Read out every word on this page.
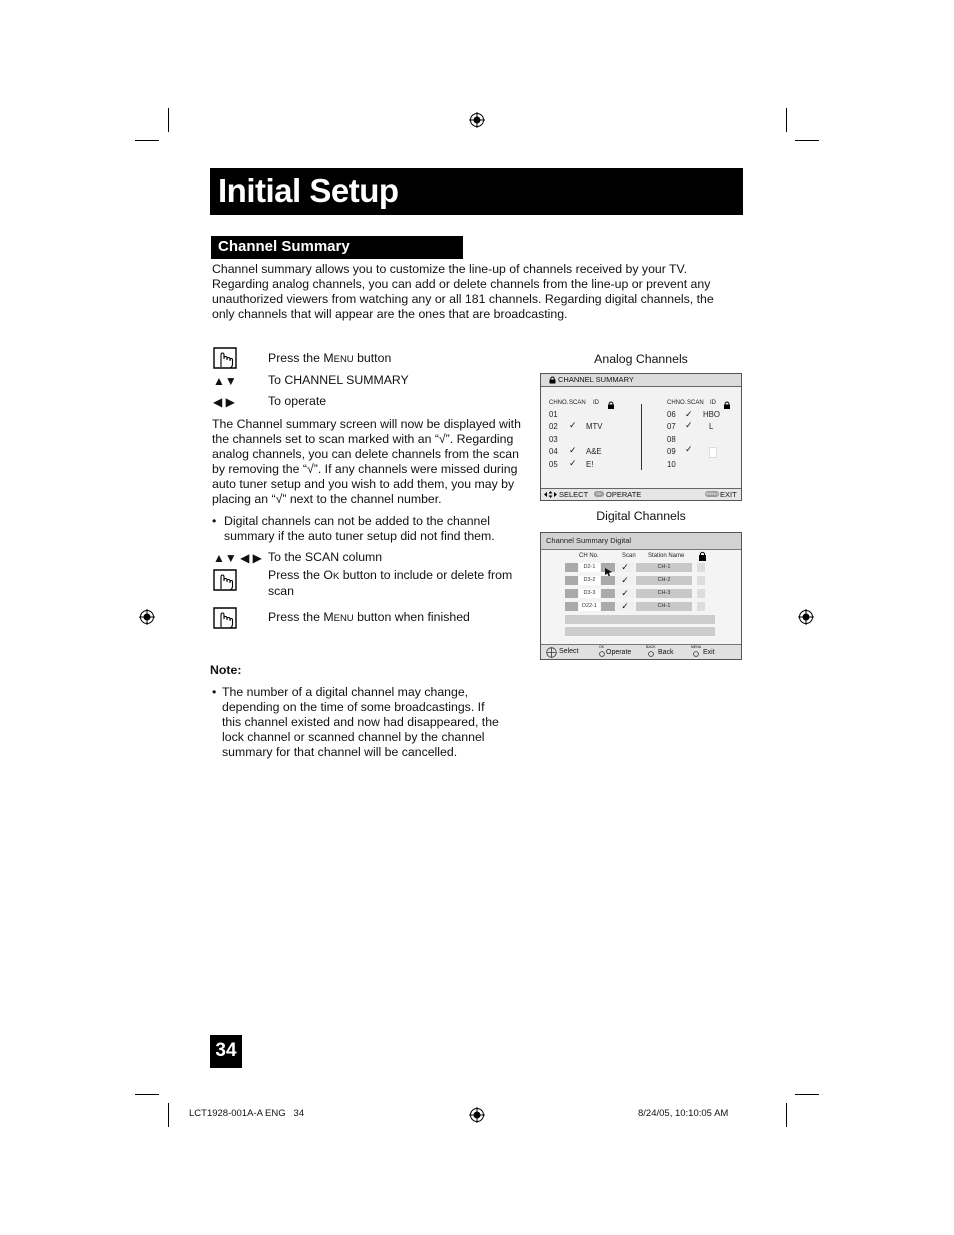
Initial Setup
Channel Summary

Channel summary allows you to customize the line-up of channels received by your TV.

Regarding analog channels, you can add or delete channels from the line-up or prevent any

unauthorized viewers from watching any or all 181 channels. Regarding digital channels, the

only channels that will appear are the ones that are broadcasting.

Press the MENU button
▲▼	To CHANNEL SUMMARY
◀ ▶	To operate
The Channel summary screen will now be displayed with
the channels set to scan marked with an “√”. Regarding
analog channels, you can delete channels from the scan
by removing the “√”. If any channels were missed during
auto tuner setup and you wish to add them, you may by
placing an “√” next to the channel number.
• Digital channels can not be added to the channel
summary if the auto tuner setup did not find them.
▲▼ ◀ ▶ To the SCAN column
Press the OK button to include or delete from
scan
Press the MENU button when finished
Note:
• The number of a digital channel may change,
depending on the time of some broadcastings. If
this channel existed and now had disappeared, the
lock channel or scanned channel by the channel
summary for that channel will be cancelled.
Analog Channels
CHANNEL SUMMARY
CHNO. SCAN ID	CHNO. SCAN ID
01
02 ✓ MTV
03
04 ✓ A&E
05 ✓ E!
06 ✓ HBO
07 ✓ L
08
09 ✓
10
SELECT	OK OPERATE	MENU EXIT
Digital Channels
Channel Summary Digital
CH No.	Scan Station Name
D2-1	✓	CH-1
D3-2	✓	CH-2
D3-3	✓	CH-3
D22-1	✓	CH-1
Select
OK
Operate
BACK
Back
MENU
Exit
34
LCT1928-001A-A ENG   34	8/24/05, 10:10:05 AM
